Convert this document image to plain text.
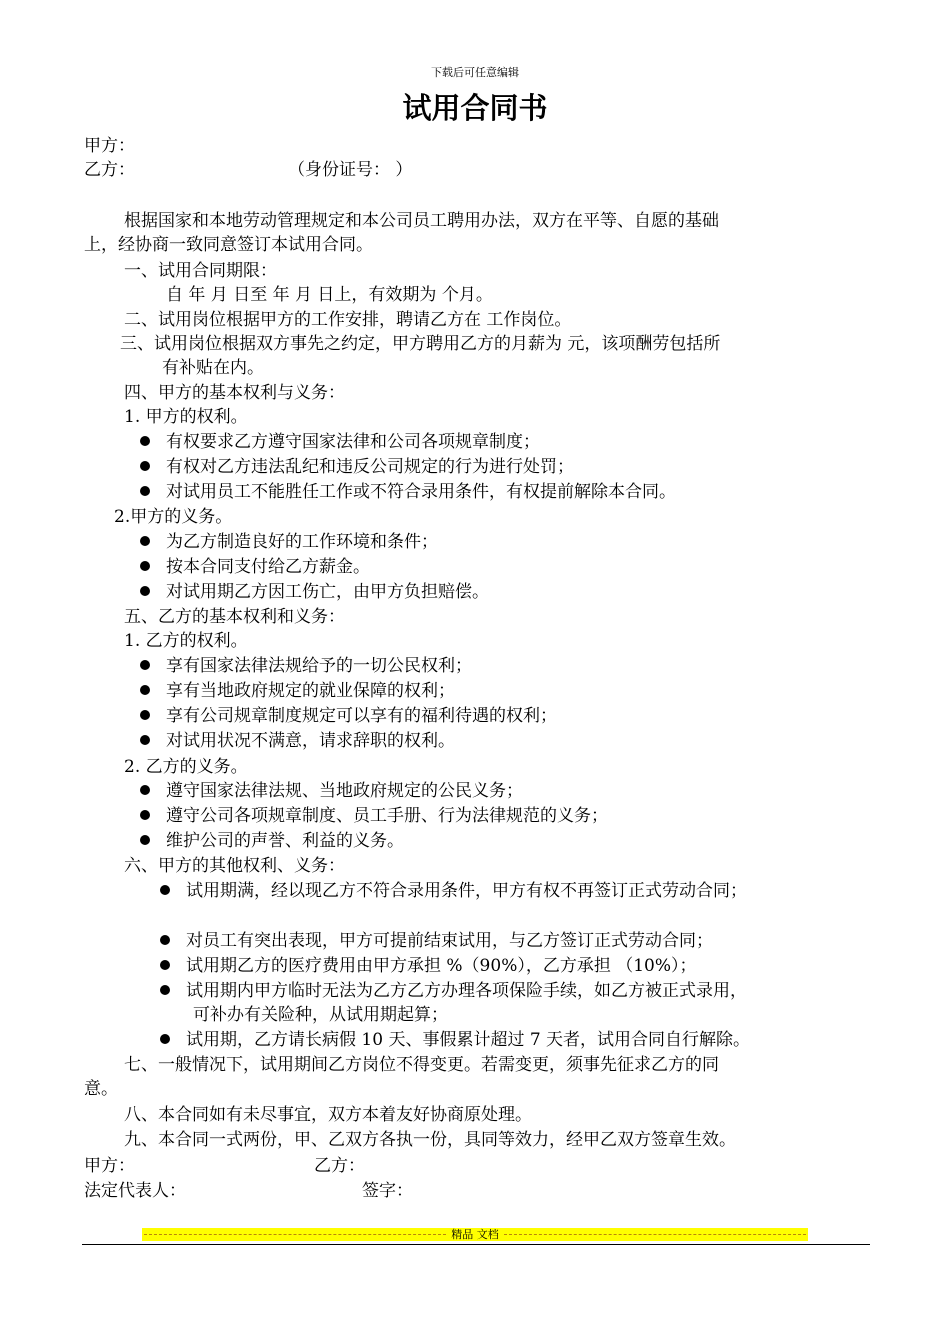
下载后可任意编辑
试用合同书
甲方：
乙方：	（身份证号： ）
根据国家和本地劳动管理规定和本公司员工聘用办法，双方在平等、自愿的基础
上，经协商一致同意签订本试用合同。
一、试用合同期限：
自 年 月 日至 年 月 日上，有效期为 个月。
二、试用岗位根据甲方的工作安排，聘请乙方在 工作岗位。
三、试用岗位根据双方事先之约定，甲方聘用乙方的月薪为 元，该项酬劳包括所
有补贴在内。
四、甲方的基本权利与义务：
1. 甲方的权利。
有权要求乙方遵守国家法律和公司各项规章制度；
有权对乙方违法乱纪和违反公司规定的行为进行处罚；
对试用员工不能胜任工作或不符合录用条件，有权提前解除本合同。
2.甲方的义务。
为乙方制造良好的工作环境和条件；
按本合同支付给乙方薪金。
对试用期乙方因工伤亡，由甲方负担赔偿。
五、乙方的基本权利和义务：
1. 乙方的权利。
享有国家法律法规给予的一切公民权利；
享有当地政府规定的就业保障的权利；
享有公司规章制度规定可以享有的福利待遇的权利；
对试用状况不满意，请求辞职的权利。
2. 乙方的义务。
遵守国家法律法规、当地政府规定的公民义务；
遵守公司各项规章制度、员工手册、行为法律规范的义务；
维护公司的声誉、利益的义务。
六、甲方的其他权利、义务：
试用期满，经以现乙方不符合录用条件，甲方有权不再签订正式劳动合同；
对员工有突出表现，甲方可提前结束试用，与乙方签订正式劳动合同；
试用期乙方的医疗费用由甲方承担 %（90%），乙方承担 （10%）；
试用期内甲方临时无法为乙方乙方办理各项保险手续，如乙方被正式录用，
可补办有关险种，从试用期起算；
试用期，乙方请长病假 10 天、事假累计超过 7 天者，试用合同自行解除。
七、一般情况下，试用期间乙方岗位不得变更。若需变更，须事先征求乙方的同
意。
八、本合同如有未尽事宜，双方本着友好协商原处理。
九、本合同一式两份，甲、乙双方各执一份，具同等效力，经甲乙双方签章生效。
甲方：	乙方：
法定代表人：	签字：
精品 文档
